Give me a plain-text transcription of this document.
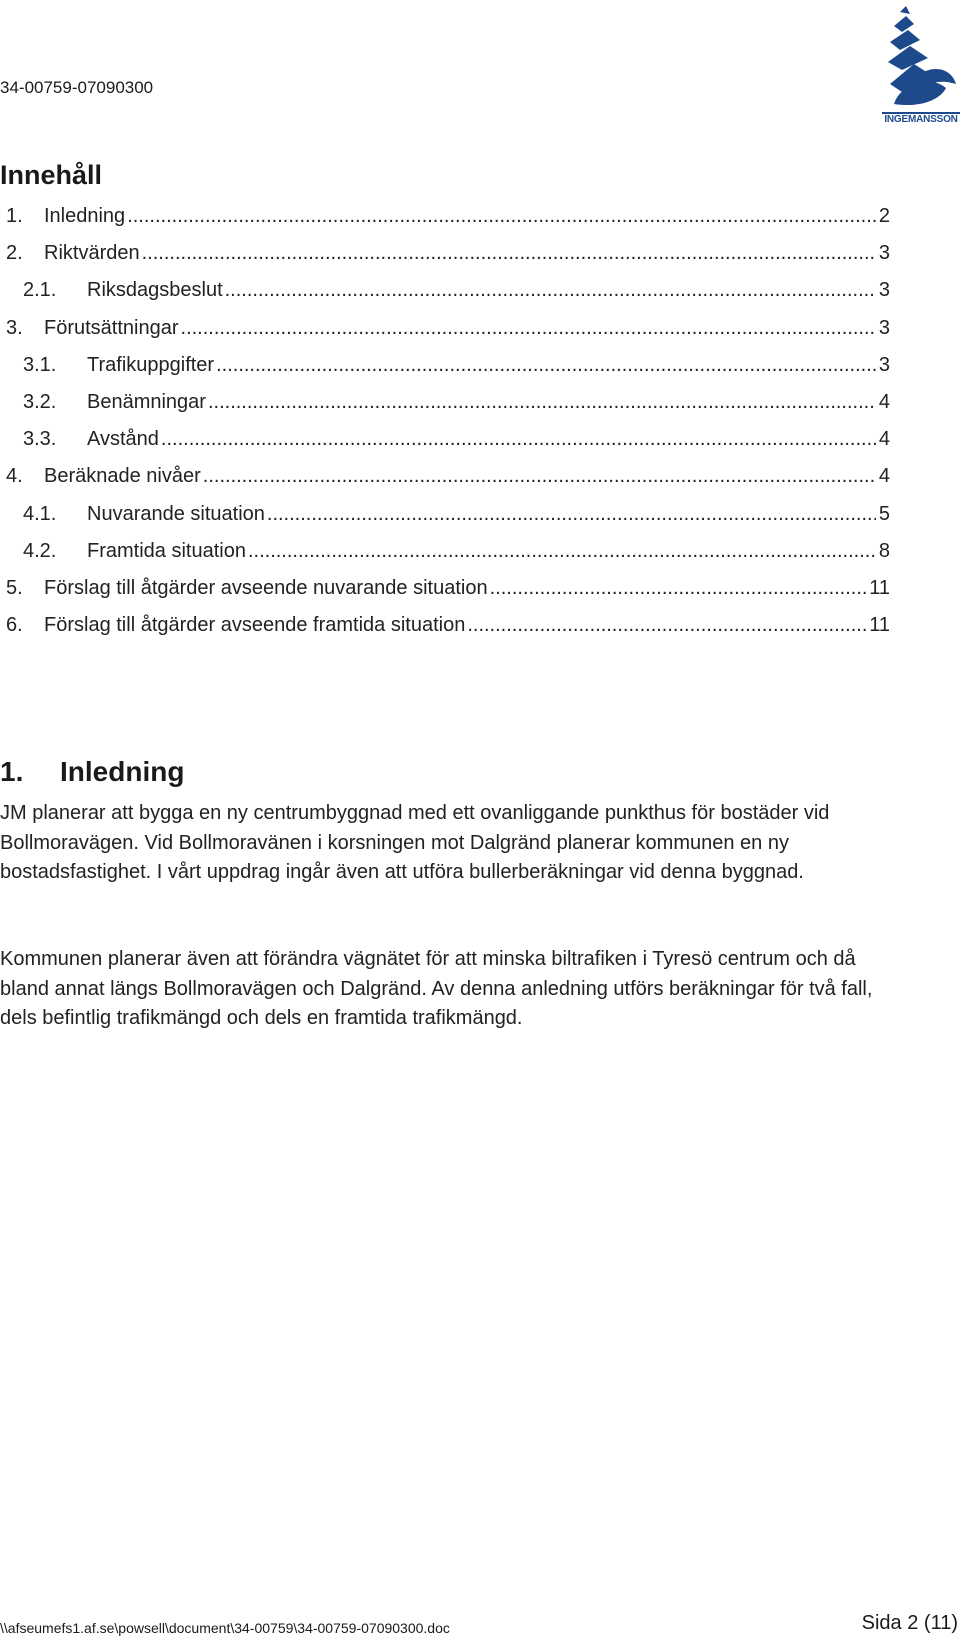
34-00759-07090300
INGEMANSSON
Innehåll
1.	Inledning .....	2
2.	Riktvärden .....	3
2.1.	Riksdagsbeslut .....	3
3.	Förutsättningar .....	3
3.1.	Trafikuppgifter .....	3
3.2.	Benämningar .....	4
3.3.	Avstånd .....	4
4.	Beräknade nivåer .....	4
4.1.	Nuvarande situation .....	5
4.2.	Framtida situation .....	8
5.	Förslag till åtgärder avseende nuvarande situation .....	11
6.	Förslag till åtgärder avseende framtida situation .....	11
1.	Inledning

JM planerar att bygga en ny centrumbyggnad med ett ovanliggande punkthus för bostäder vid Bollmoravägen. Vid Bollmoravänen i korsningen mot Dalgränd planerar kommunen en ny bostadsfastighet. I vårt uppdrag ingår även att utföra bullerberäkningar vid denna byggnad.

Kommunen planerar även att förändra vägnätet för att minska biltrafiken i Tyresö centrum och då bland annat längs Bollmoravägen och Dalgränd. Av denna anledning utförs beräkningar för två fall, dels befintlig trafikmängd och dels en framtida trafikmängd.

\\afseumefs1.af.se\powsell\document\34-00759\34-00759-07090300.doc	Sida 2 (11)
